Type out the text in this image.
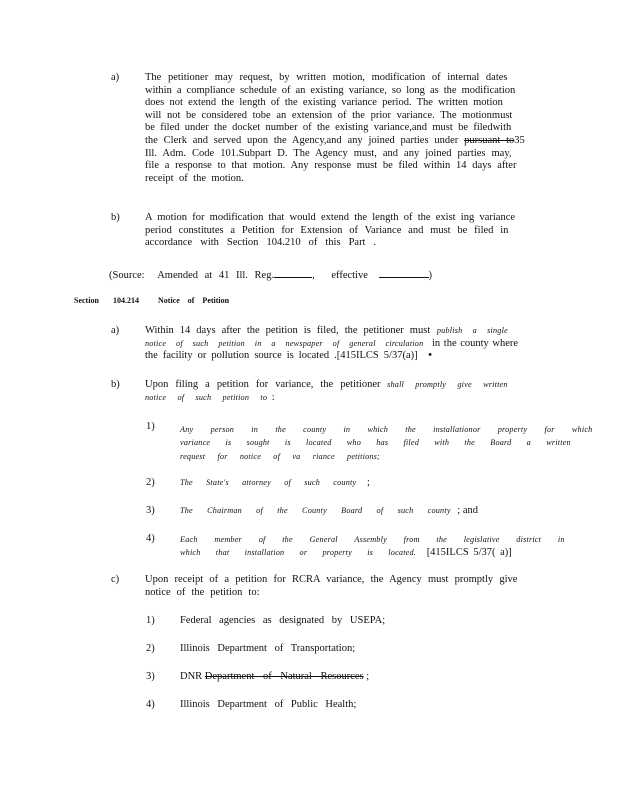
a) The petitioner may request, by written motion, modification of internal dates
within a compliance schedule of an existing variance, so long as the modification
does not extend the length of the existing variance period. The written motion
will not be considered tobe an extension of the prior variance. The motionmust
be filed under the docket number of the existing variance,and must be filedwith
the Clerk and served upon the Agency,and any joined parties under pursuant to35
Ill. Adm. Code 101.Subpart D. The Agency must, and any joined parties may,
file a response to that motion. Any response must be filed within 14 days after
receipt of the motion.
b) A motion for modification that would extend the length of the exist ing variance
period constitutes a Petition for Extension of Variance and must be filed in
accordance with Section 104.210 of this Part .
(Source: Amended at 41 Ill. Reg.	, effective	)
Section 104.214 Notice of Petition
a) Within 14 days after the petition is filed, the petitioner must publish a single
notice of such petition in a newspaper of general circulation in the county where
the facility or pollution source is located .[415ILCS 5/37(a)] •
b) Upon filing a petition for variance, the petitioner shall promptly give written
notice of such petition to :
1)	Any person in the county in which the installationor property for which
variance is sought is located who has filed with the Board a written
request for notice of va riance petitions;
2)	The State's attorney of such county ;
3)	The Chairman of the County Board of such county ; and
4)	Each member of the General Assembly from the legislative district in
which that installation or property is located. [415ILCS 5/37( a)]
c) Upon receipt of a petition for RCRA variance, the Agency must promptly give
notice of the petition to:
1) Federal agencies as designated by USEPA;
2) Illinois Department of Transportation;
3) DNR Department of Natural Resources ;
4) Illinois Department of Public Health;
